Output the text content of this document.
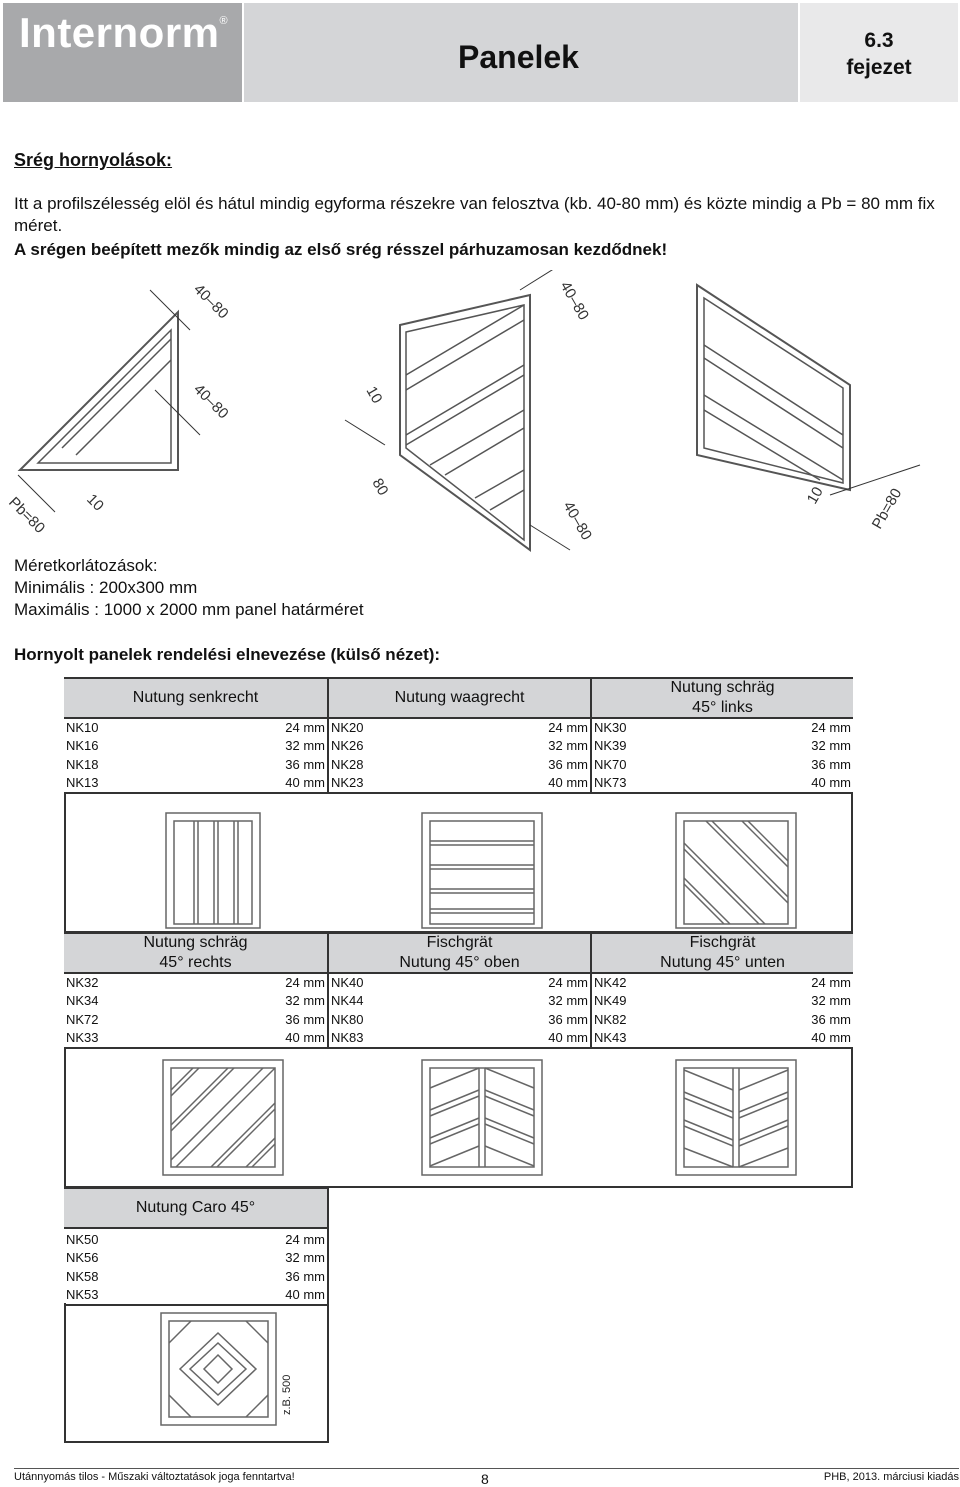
Internorm®
Panelek	6.3
fejezet
Srég hornyolások:
Itt a profilszélesség elöl és hátul mindig egyforma részekre van felosztva (kb. 40-80 mm) és közte mindig a Pb = 80 mm fix méret.
A srégen beépített mezők mindig az első srég résszel párhuzamosan kezdődnek!
40–80
40–80
Pb=80 10
40–80
10
80
40–80
10	Pb=80
Méretkorlátozások:
Minimális : 200x300 mm
Maximális : 1000 x 2000 mm panel határméret
Hornyolt panelek rendelési elnevezése (külső nézet):
Nutung senkrecht	Nutung waagrecht
Nutung schräg
45° links
NK10	24 mm NK20	24 mm NK30	24 mm
NK16	32 mm NK26	32 mm NK39	32 mm
NK18	36 mm NK28	36 mm NK70	36 mm
NK13	40 mm NK23	40 mm NK73	40 mm
Nutung schräg
45° rechts
Fischgrät
Nutung 45° oben
Fischgrät
Nutung 45° unten
NK32	24 mm NK40	24 mm NK42	24 mm
NK34	32 mm NK44	32 mm NK49	32 mm
NK72	36 mm NK80	36 mm NK82	36 mm
NK33	40 mm NK83	40 mm NK43	40 mm
Nutung Caro 45°
NK50	24 mm
NK56	32 mm
NK58	36 mm
NK53	40 mm
z.B. 500
Utánnyomás tilos - Műszaki változtatások joga fenntartva!	8	PHB, 2013. márciusi kiadás
